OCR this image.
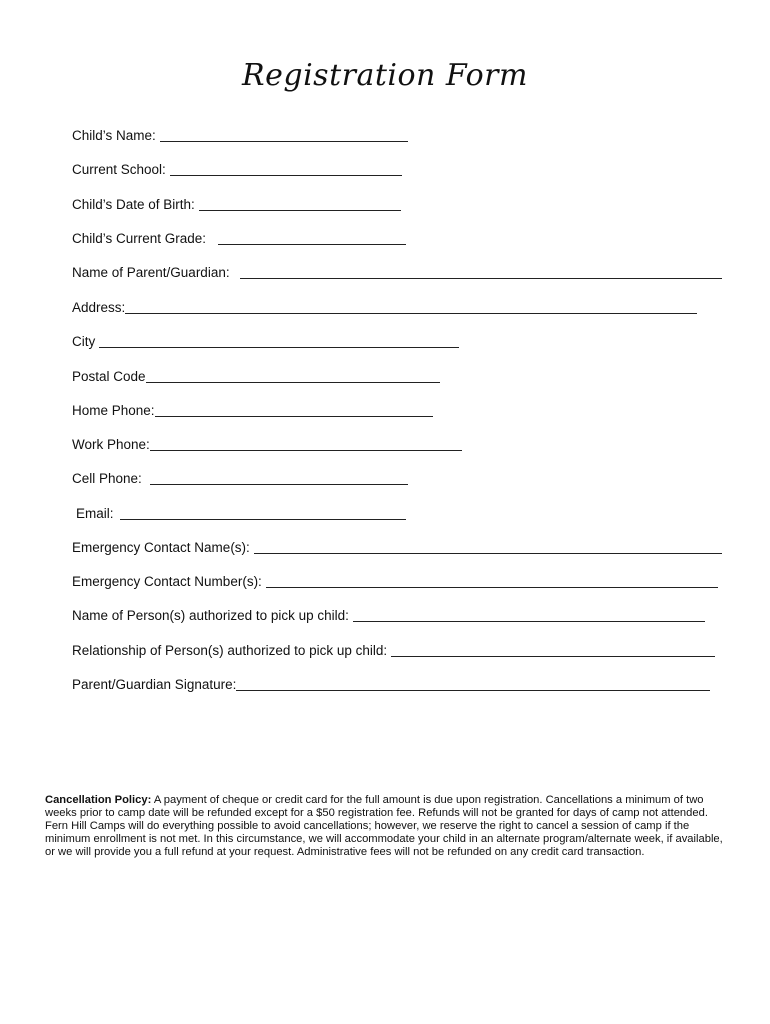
Registration Form
Child’s Name:
Current School:
Child’s Date of Birth:
Child’s Current Grade:
Name of Parent/Guardian:
Address:
City
Postal Code
Home Phone:
Work Phone:
Cell Phone:
Email:
Emergency Contact Name(s):
Emergency Contact Number(s):
Name of Person(s) authorized to pick up child:
Relationship of Person(s) authorized to pick up child:
Parent/Guardian Signature:
Cancellation Policy: A payment of cheque or credit card for the full amount is due upon registration. Cancellations a minimum of two weeks prior to camp date will be refunded except for a $50 registration fee. Refunds will not be granted for days of camp not attended. Fern Hill Camps will do everything possible to avoid cancellations; however, we reserve the right to cancel a session of camp if the minimum enrollment is not met. In this circumstance, we will accommodate your child in an alternate program/alternate week, if available, or we will provide you a full refund at your request. Administrative fees will not be refunded on any credit card transaction.
